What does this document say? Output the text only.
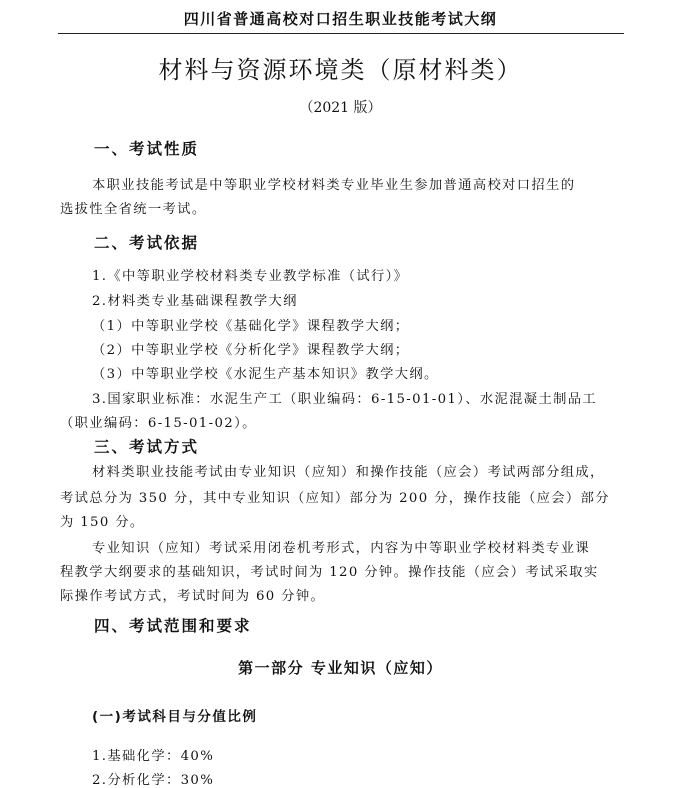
四川省普通高校对口招生职业技能考试大纲
材料与资源环境类（原材料类）
（2021 版）
一、考试性质
本职业技能考试是中等职业学校材料类专业毕业生参加普通高校对口招生的
选拔性全省统一考试。
二、考试依据
1.《中等职业学校材料类专业教学标准（试行）》
2.材料类专业基础课程教学大纲
（1）中等职业学校《基础化学》课程教学大纲；
（2）中等职业学校《分析化学》课程教学大纲；
（3）中等职业学校《水泥生产基本知识》教学大纲。
3.国家职业标准：水泥生产工（职业编码：6-15-01-01）、水泥混凝土制品工
（职业编码：6-15-01-02）。
三、考试方式
材料类职业技能考试由专业知识（应知）和操作技能（应会）考试两部分组成，
考试总分为 350 分，其中专业知识（应知）部分为 200 分，操作技能（应会）部分
为 150 分。
专业知识（应知）考试采用闭卷机考形式，内容为中等职业学校材料类专业课
程教学大纲要求的基础知识，考试时间为 120 分钟。操作技能（应会）考试采取实
际操作考试方式，考试时间为 60 分钟。
四、考试范围和要求
第一部分 专业知识（应知）
(一)考试科目与分值比例
1.基础化学：40%
2.分析化学：30%
